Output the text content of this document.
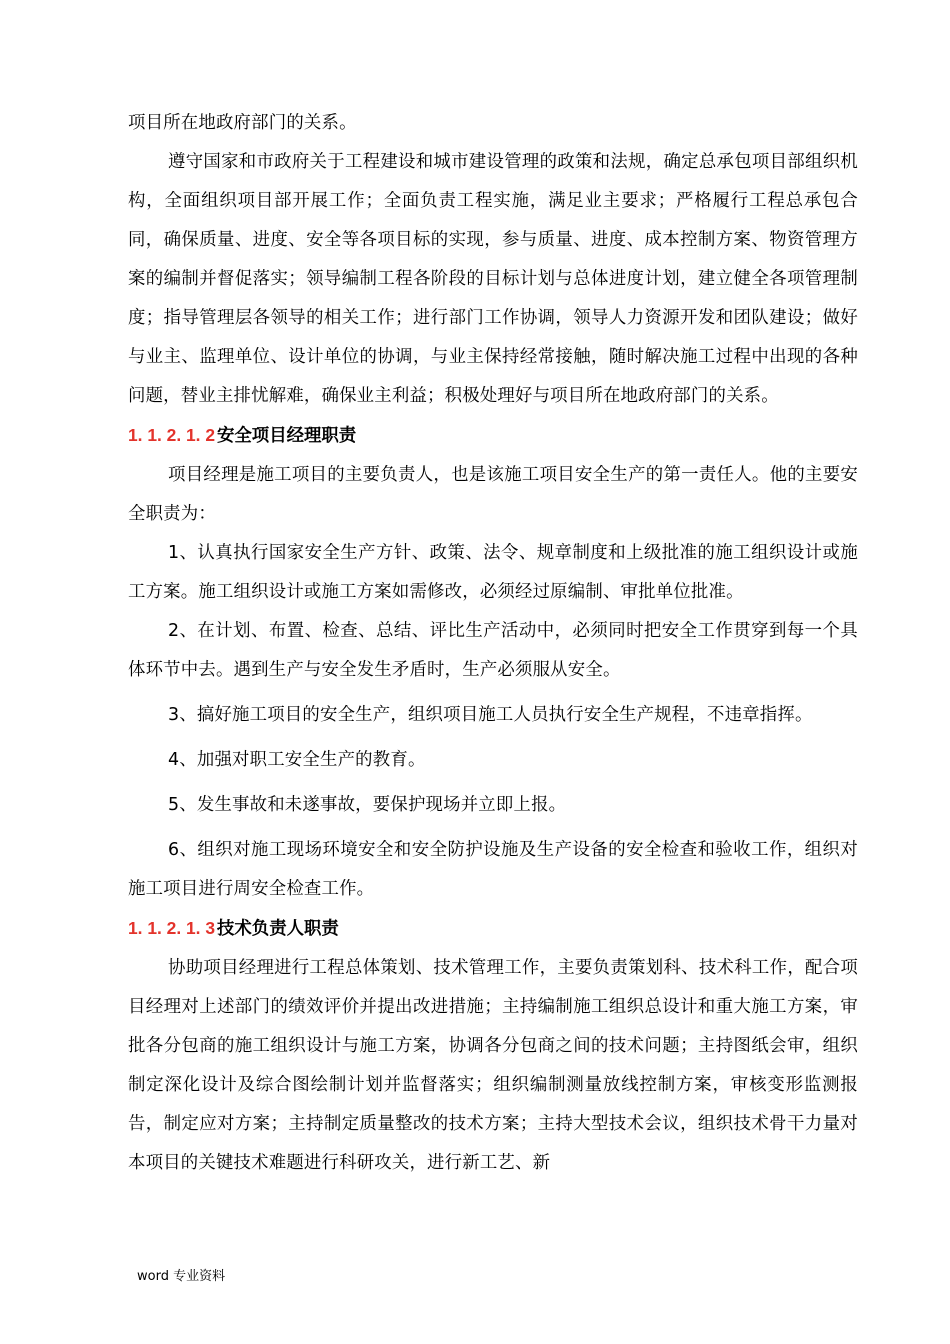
项目所在地政府部门的关系。

遵守国家和市政府关于工程建设和城市建设管理的政策和法规，确定总承包项目部组织机构，全面组织项目部开展工作；全面负责工程实施，满足业主要求；严格履行工程总承包合同，确保质量、进度、安全等各项目标的实现，参与质量、进度、成本控制方案、物资管理方案的编制并督促落实；领导编制工程各阶段的目标计划与总体进度计划，建立健全各项管理制度；指导管理层各领导的相关工作；进行部门工作协调，领导人力资源开发和团队建设；做好与业主、监理单位、设计单位的协调，与业主保持经常接触，随时解决施工过程中出现的各种问题，替业主排忧解难，确保业主利益；积极处理好与项目所在地政府部门的关系。

1. 1. 2. 1. 2 安全项目经理职责

项目经理是施工项目的主要负责人，也是该施工项目安全生产的第一责任人。他的主要安全职责为：

1、认真执行国家安全生产方针、政策、法令、规章制度和上级批准的施工组织设计或施工方案。施工组织设计或施工方案如需修改，必须经过原编制、审批单位批准。

2、在计划、布置、检查、总结、评比生产活动中，必须同时把安全工作贯穿到每一个具体环节中去。遇到生产与安全发生矛盾时，生产必须服从安全。

3、搞好施工项目的安全生产，组织项目施工人员执行安全生产规程，不违章指挥。

4、加强对职工安全生产的教育。

5、发生事故和未遂事故，要保护现场并立即上报。

6、组织对施工现场环境安全和安全防护设施及生产设备的安全检查和验收工作，组织对施工项目进行周安全检查工作。

1. 1. 2. 1. 3 技术负责人职责

协助项目经理进行工程总体策划、技术管理工作，主要负责策划科、技术科工作，配合项目经理对上述部门的绩效评价并提出改进措施；主持编制施工组织总设计和重大施工方案，审批各分包商的施工组织设计与施工方案，协调各分包商之间的技术问题；主持图纸会审，组织制定深化设计及综合图绘制计划并监督落实；组织编制测量放线控制方案，审核变形监测报告，制定应对方案；主持制定质量整改的技术方案；主持大型技术会议，组织技术骨干力量对本项目的关键技术难题进行科研攻关，进行新工艺、新

word 专业资料
